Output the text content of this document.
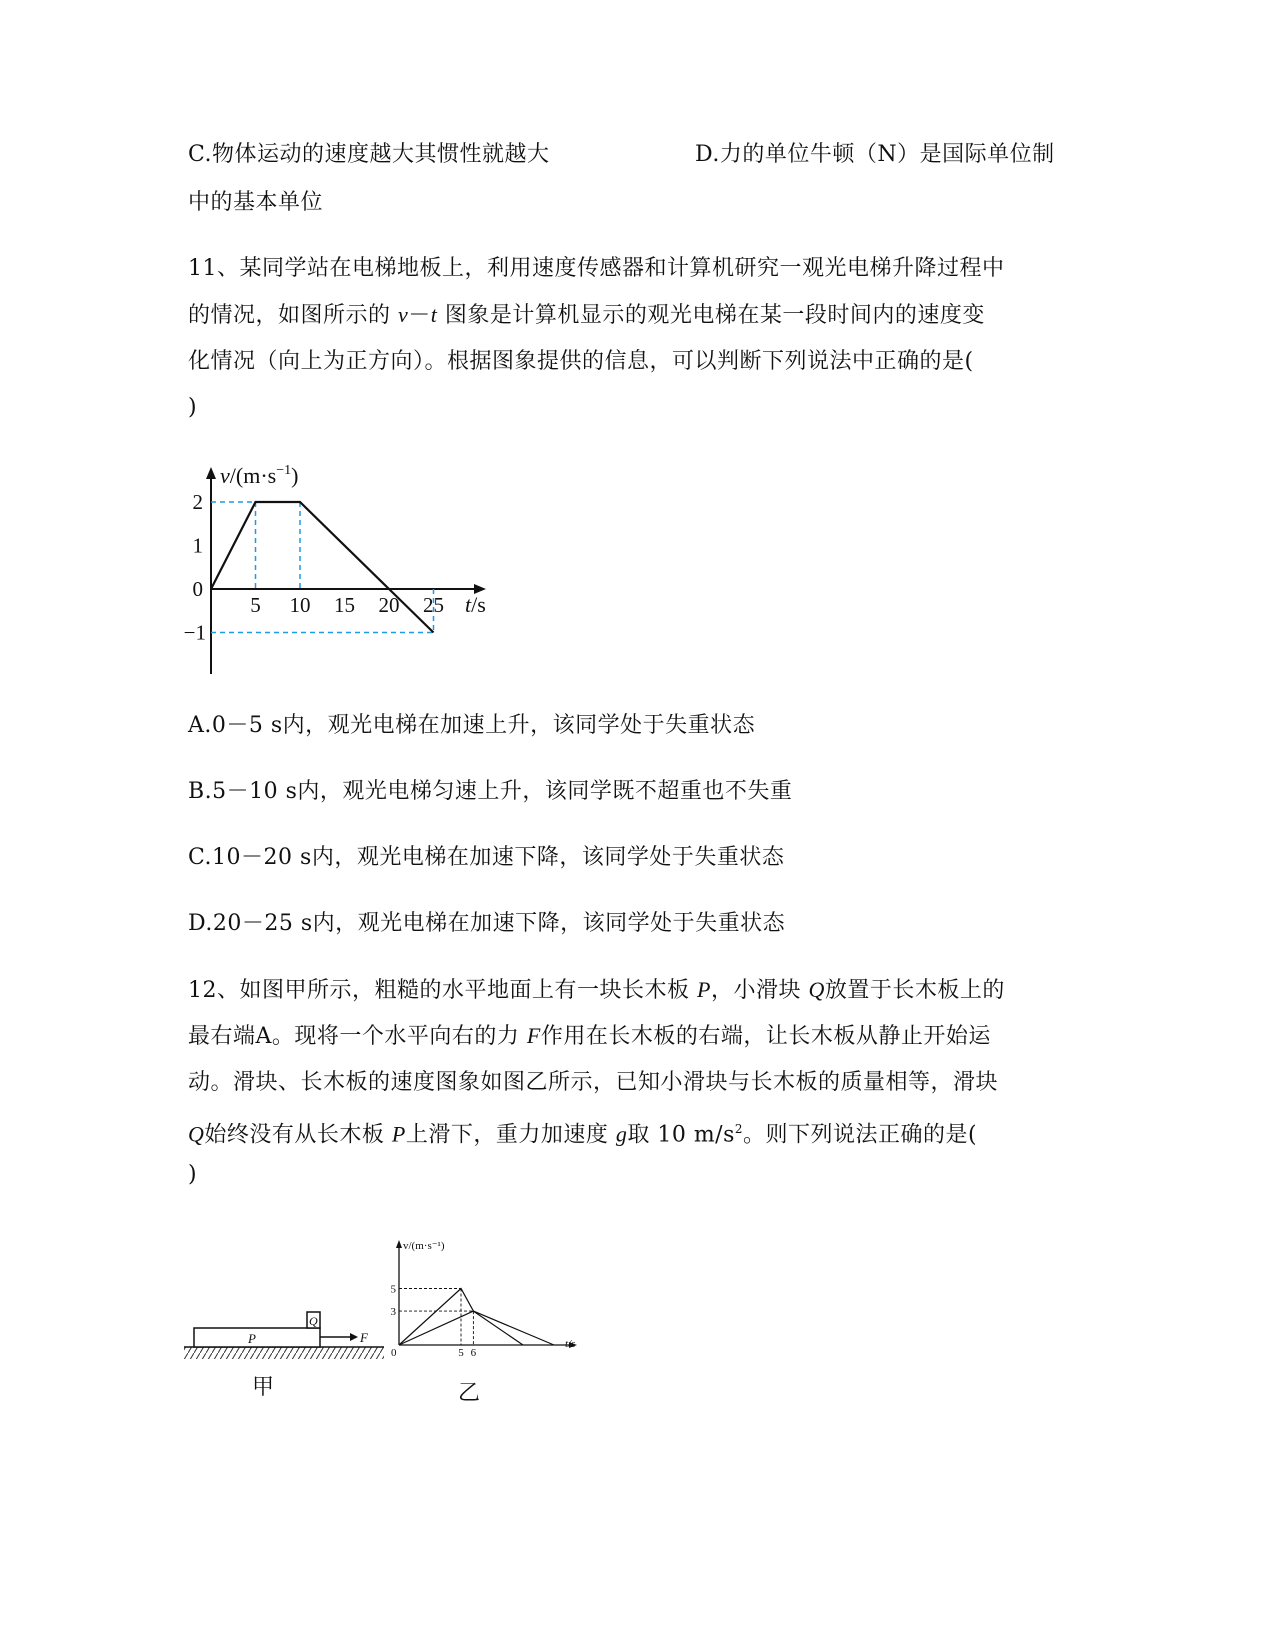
C.物体运动的速度越大其惯性就越大	D.力的单位牛顿（N）是国际单位制
中的基本单位
11、某同学站在电梯地板上，利用速度传感器和计算机研究一观光电梯升降过程中
的情况，如图所示的 v－t 图象是计算机显示的观光电梯在某一段时间内的速度变
化情况（向上为正方向）。根据图象提供的信息，可以判断下列说法中正确的是(
)
$v/(m\cdot s^{-1})$
t/s
5 10 15 20 25
2
1
0
−1
A.0－5 s内，观光电梯在加速上升，该同学处于失重状态
B.5－10 s内，观光电梯匀速上升，该同学既不超重也不失重
C.10－20 s内，观光电梯在加速下降，该同学处于失重状态
D.20－25 s内，观光电梯在加速下降，该同学处于失重状态
12、如图甲所示，粗糙的水平地面上有一块长木板 P，小滑块 Q放置于长木板上的
最右端A。现将一个水平向右的力 F作用在长木板的右端，让长木板从静止开始运
动。滑块、长木板的速度图象如图乙所示，已知小滑块与长木板的质量相等，滑块
Q始终没有从长木板 P上滑下，重力加速度 g取 10 $m/s^2$。则下列说法正确的是(
)
P
Q
F
甲
v/(m·s⁻¹)
t/s
0	5 6
5
3
乙
